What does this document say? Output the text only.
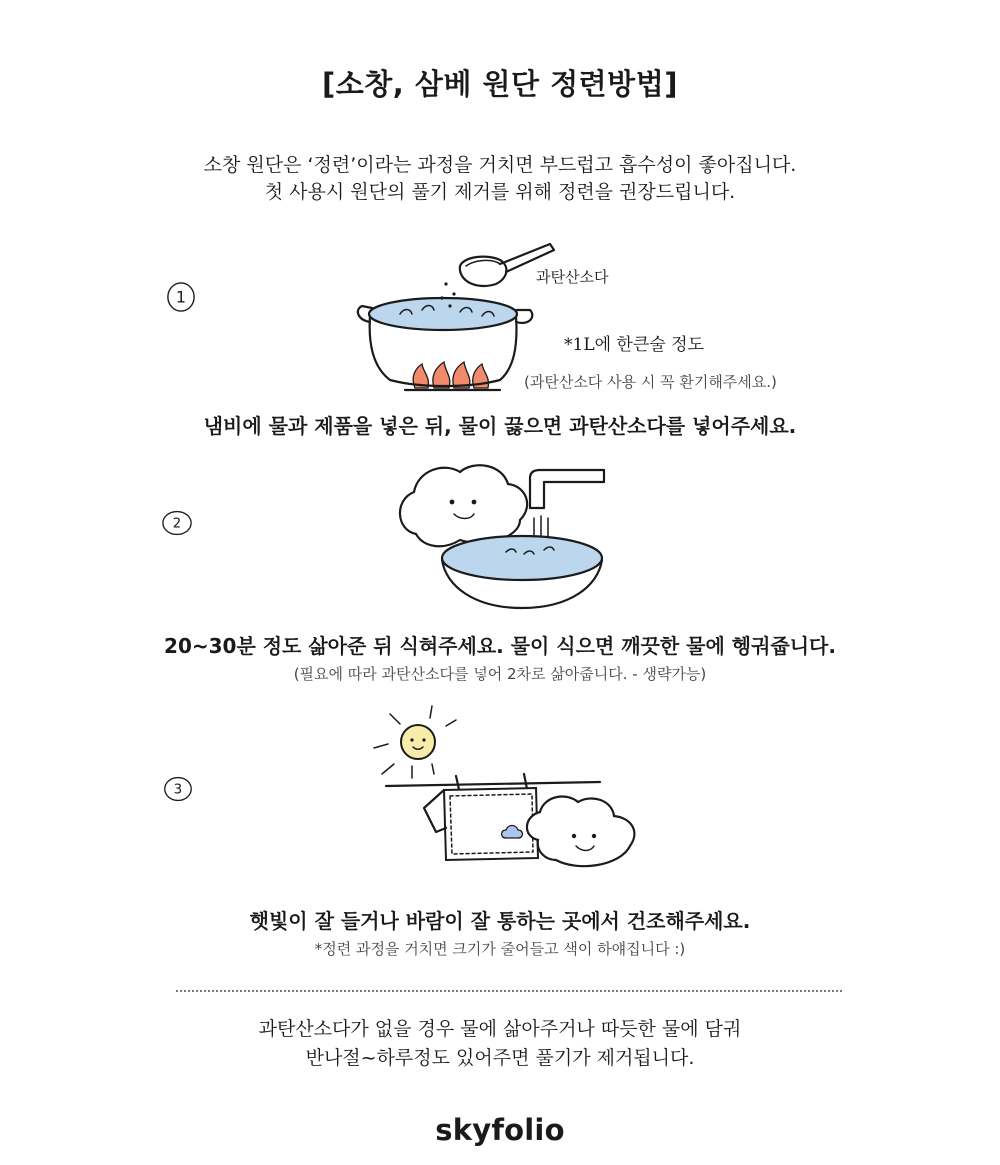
[소창, 삼베 원단 정련방법]
소창 원단은 ‘정련’이라는 과정을 거치면 부드럽고 흡수성이 좋아집니다.
첫 사용시 원단의 풀기 제거를 위해 정련을 권장드립니다.
1
과탄산소다
*1L에 한큰술 정도
(과탄산소다 사용 시 꼭 환기해주세요.)
냄비에 물과 제품을 넣은 뒤, 물이 끓으면 과탄산소다를 넣어주세요.
2
20~30분 정도 삶아준 뒤 식혀주세요. 물이 식으면 깨끗한 물에 헹궈줍니다.
(필요에 따라 과탄산소다를 넣어 2차로 삶아줍니다. - 생략가능)
3
햇빛이 잘 들거나 바람이 잘 통하는 곳에서 건조해주세요.
*정련 과정을 거치면 크기가 줄어들고 색이 하얘집니다 :)
과탄산소다가 없을 경우 물에 삶아주거나 따듯한 물에 담궈
반나절~하루정도 있어주면 풀기가 제거됩니다.
skyfolio
